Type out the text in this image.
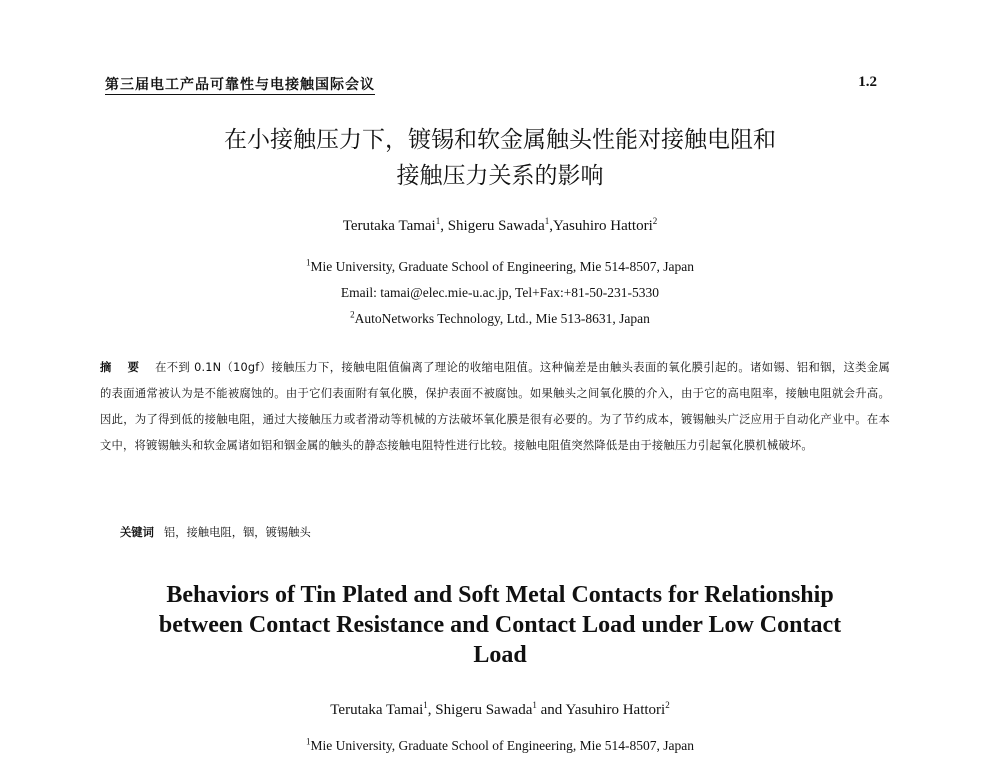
第三届电工产品可靠性与电接触国际会议	1.2
在小接触压力下，镀锡和软金属触头性能对接触电阻和
接触压力关系的影响
Terutaka Tamai$^1$, Shigeru Sawada$^1$,Yasuhiro Hattori$^2$
$^1$Mie University, Graduate School of Engineering, Mie 514-8507, Japan
Email: tamai@elec.mie-u.ac.jp, Tel+Fax:+81-50-231-5330
$^2$AutoNetworks Technology, Ltd., Mie 513-8631, Japan
摘 要 在不到 0.1N（10gf）接触压力下，接触电阻值偏离了理论的收缩电阻值。这种偏差是由触头表面的氧化膜引起的。诸如锡、铝和铟，这类金属的表面通常被认为是不能被腐蚀的。由于它们表面附有氧化膜，保护表面不被腐蚀。如果触头之间氧化膜的介入，由于它的高电阻率，接触电阻就会升高。因此，为了得到低的接触电阻，通过大接触压力或者滑动等机械的方法破坏氧化膜是很有必要的。为了节约成本，镀锡触头广泛应用于自动化产业中。在本文中，将镀锡触头和软金属诸如铝和铟金属的触头的静态接触电阻特性进行比较。接触电阻值突然降低是由于接触压力引起氧化膜机械破坏。
关键词 铝，接触电阻，铟，镀锡触头
Behaviors of Tin Plated and Soft Metal Contacts for Relationship
between Contact Resistance and Contact Load under Low Contact
Load
Terutaka Tamai$^1$, Shigeru Sawada$^1$ and Yasuhiro Hattori$^2$
$^1$Mie University, Graduate School of Engineering, Mie 514-8507, Japan
